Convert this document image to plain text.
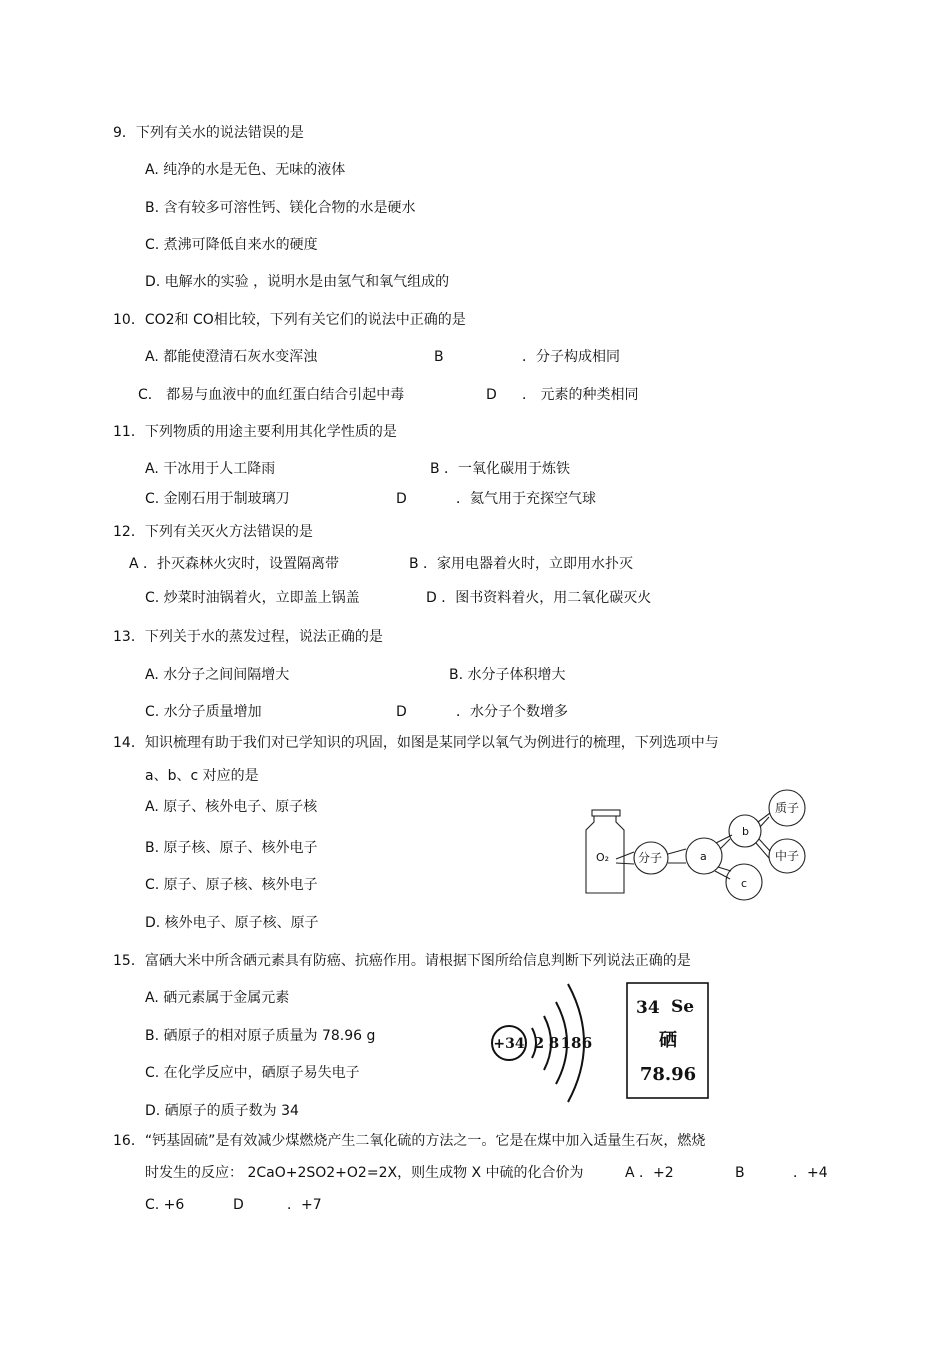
9．下列有关水的说法错误的是
A. 纯净的水是无色、无味的液体
B. 含有较多可溶性钙、镁化合物的水是硬水
C. 煮沸可降低自来水的硬度
D. 电解水的实验 ，说明水是由氢气和氧气组成的
10．CO2和 CO相比较，下列有关它们的说法中正确的是
A. 都能使澄清石灰水变浑浊	B	．分子构成相同
C． 都易与血液中的血红蛋白结合引起中毒	D ． 元素的种类相同
11．下列物质的用途主要利用其化学性质的是
A. 干冰用于人工降雨	B ．一氧化碳用于炼铁
C. 金刚石用于制玻璃刀	D	．氦气用于充探空气球
12．下列有关灭火方法错误的是
A ．扑灭森林火灾时，设置隔离带	B ．家用电器着火时，立即用水扑灭
C. 炒菜时油锅着火，立即盖上锅盖	D ．图书资料着火，用二氧化碳灭火
13．下列关于水的蒸发过程，说法正确的是
A. 水分子之间间隔增大	B. 水分子体积增大
C. 水分子质量增加	D	．水分子个数增多
14．知识梳理有助于我们对已学知识的巩固，如图是某同学以氧气为例进行的梳理，下列选项中与
a、b、c 对应的是
A. 原子、核外电子、原子核
B. 原子核、原子、核外电子
C. 原子、原子核、核外电子
D. 核外电子、原子核、原子
O₂ 分子	a
b
c
质子
中子
15．富硒大米中所含硒元素具有防癌、抗癌作用。请根据下图所给信息判断下列说法正确的是
A. 硒元素属于金属元素
B. 硒原子的相对原子质量为 78.96 g
C. 在化学反应中，硒原子易失电子
D. 硒原子的质子数为 34
+34 2 8 18 6
34 Se
硒
78.96
16．“钙基固硫”是有效减少煤燃烧产生二氧化硫的方法之一。它是在煤中加入适量生石灰，燃烧
时发生的反应： 2CaO+2SO2+O2=2X，则生成物 X 中硫的化合价为	A ．+2	B	．+4
C. +6	D	．+7
